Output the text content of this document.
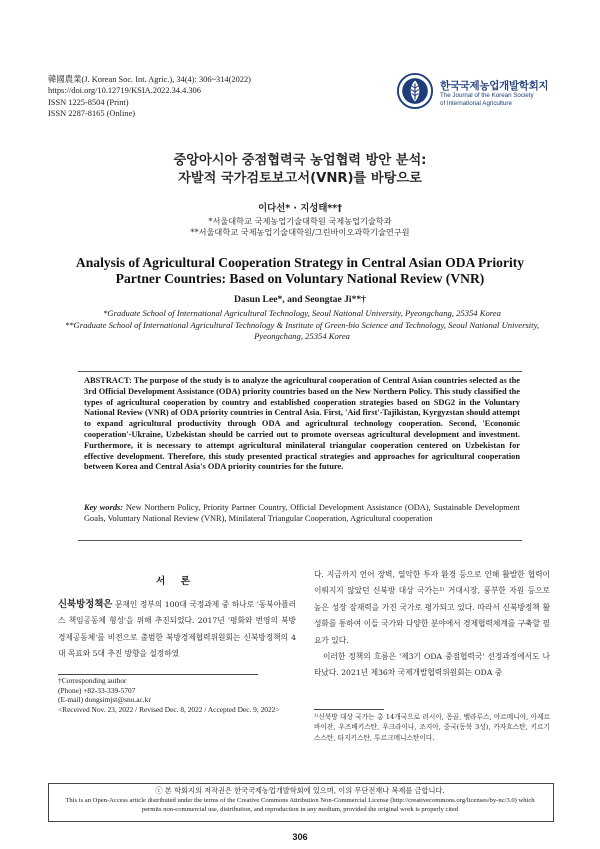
韓國農業(J. Korean Soc. Int. Agric.), 34(4): 306~314(2022)
https://doi.org/10.12719/KSIA.2022.34.4.306
ISSN 1225-8504 (Print)
ISSN 2287-8165 (Online)
한국국제농업개발학회지
The Journal of the Korean Society
of International Agriculture
중앙아시아 중점협력국 농업협력 방안 분석:
자발적 국가검토보고서(VNR)를 바탕으로
이다선* · 지성태**†
*서울대학교 국제농업기술대학원 국제농업기술학과
**서울대학교 국제농업기술대학원/그린바이오과학기술연구원
Analysis of Agricultural Cooperation Strategy in Central Asian ODA Priority
Partner Countries: Based on Voluntary National Review (VNR)
Dasun Lee*, and Seongtae Ji**†
*Graduate School of International Agricultural Technology, Seoul National University, Pyeongchang, 25354 Korea
**Graduate School of International Agricultural Technology & Institute of Green-bio Science and Technology, Seoul National University, Pyeongchang, 25354 Korea
ABSTRACT: The purpose of the study is to analyze the agricultural cooperation of Central Asian countries selected as the 3rd Official Development Assistance (ODA) priority countries based on the New Northern Policy. This study classified the types of agricultural cooperation by country and established cooperation strategies based on SDG2 in the Voluntary National Review (VNR) of ODA priority countries in Central Asia. First, 'Aid first'-Tajikistan, Kyrgyzstan should attempt to expand agricultural productivity through ODA and agricultural technology cooperation. Second, 'Economic cooperation'-Ukraine, Uzbekistan should be carried out to promote overseas agricultural development and investment. Furthermore, it is necessary to attempt agricultural minilateral triangular cooperation centered on Uzbekistan for effective development. Therefore, this study presented practical strategies and approaches for agricultural cooperation between Korea and Central Asia's ODA priority countries for the future.
Key words: New Northern Policy, Priority Partner Country, Official Development Assistance (ODA), Sustainable Development Goals, Voluntary National Review (VNR), Minilateral Triangular Cooperation, Agricultural cooperation
서 론
신북방정책은 문재인 정부의 100대 국정과제 중 하나로 '동북아플러스 책임공동체 형성'을 위해 추진되었다. 2017년 '평화와 번영의 북방경제공동체'를 비전으로 출범한 북방경제협력위원회는 신북방정책의 4대 목표와 5대 추진 방향을 설정하였
다. 지금까지 언어 장벽, 열악한 투자 환경 등으로 인해 활발한 협력이 이뤄지지 않았던 신북방 대상 국가는¹⁾ 거대시장, 풍부한 자원 등으로 높은 성장 잠재력을 가진 국가로 평가되고 있다. 따라서 신북방정책 활성화를 통하여 이들 국가와 다양한 분야에서 경제협력체계를 구축할 필요가 있다.
이러한 정책의 흐름은 '제3기 ODA 중점협력국' 선정과정에서도 나타났다. 2021년 제36차 국제개발협력위원회는 ODA 중
†Corresponding author
(Phone) +82-33-339-5707
(E-mail) dongsimjst@snu.ac.kr
<Received Nov. 23, 2022 / Revised Dec. 8, 2022 / Accepted Dec. 9, 2022>
¹⁾신북방 대상 국가는 총 14개국으로 러시아, 몽골, 벨라루스, 아르메니아, 아제르바이잔, 우즈베키스탄, 우크라이나, 조지아, 중국(동북 3성), 카자흐스탄, 키르기스스탄, 타지키스탄, 투르크메니스탄이다.
ⓒ 본 학회지의 저작권은 한국국제농업개발학회에 있으며, 이의 무단전재나 복제를 금합니다.
This is an Open-Access article distributed under the terms of the Creative Commons Attribution Non-Commercial License (http://creativecommons.org/licenses/by-nc/3.0) which permits non-commercial use, distribution, and reproduction in any medium, provided the original work is properly cited
306
